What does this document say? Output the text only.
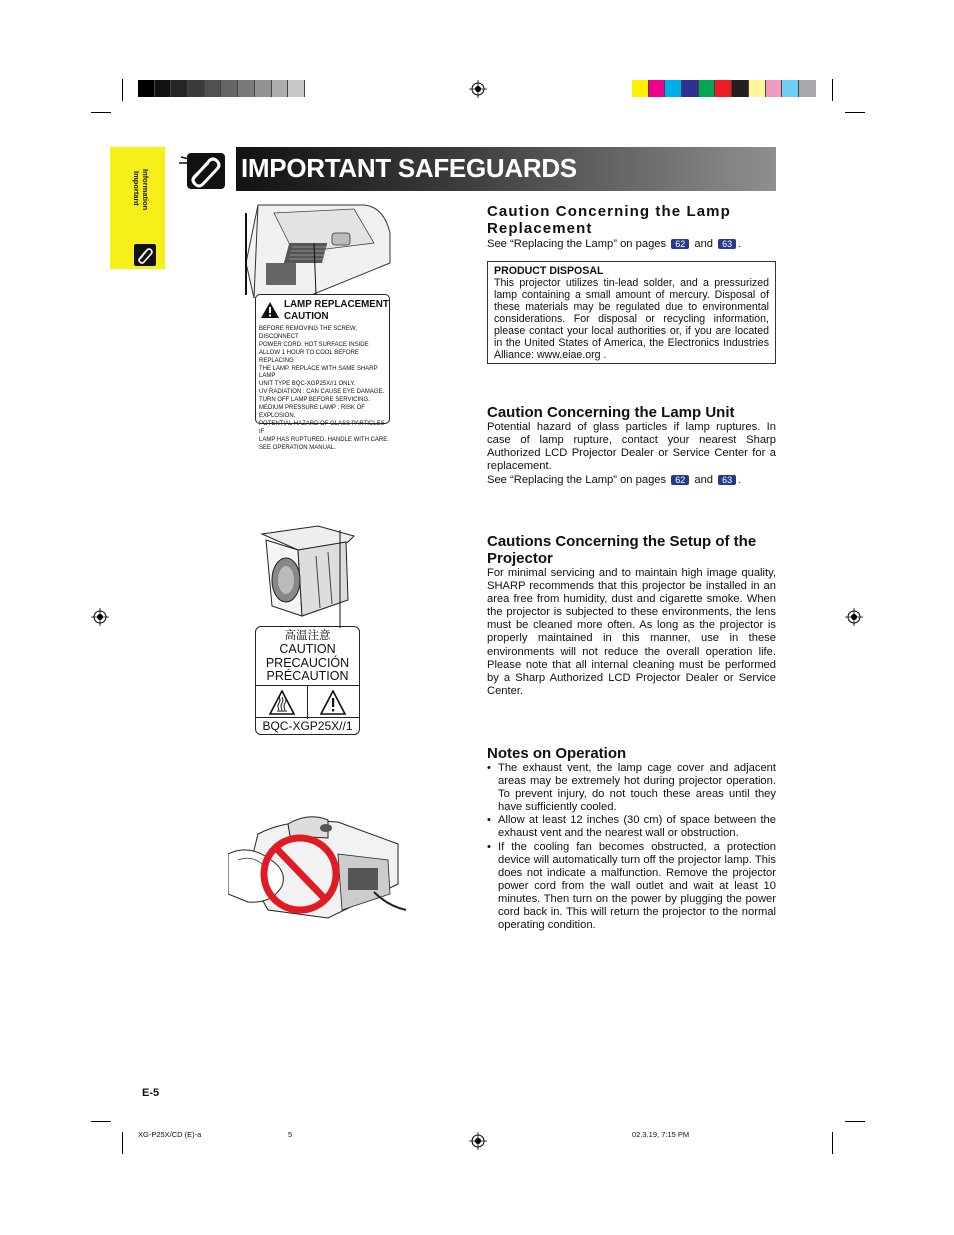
Important Information
IMPORTANT SAFEGUARDS
LAMP REPLACEMENT
CAUTION
BEFORE REMOVING THE SCREW, DISCONNECT
POWER CORD. HOT SURFACE INSIDE
ALLOW 1 HOUR TO COOL BEFORE REPLACING
THE LAMP. REPLACE WITH SAME SHARP LAMP
UNIT TYPE BQC-XGP25X//1 ONLY.
UV RADIATION : CAN CAUSE EYE DAMAGE.
TURN OFF LAMP BEFORE SERVICING.
MEDIUM PRESSURE LAMP : RISK OF EXPLOSION.
POTENTIAL HAZARD OF GLASS PARTICLES IF
LAMP HAS RUPTURED. HANDLE WITH CARE.
SEE OPERATION MANUAL.
高温注意
CAUTION
PRECAUCIÓN
PRÉCAUTION
BQC-XGP25X//1
Caution Concerning the Lamp Replacement

See “Replacing the Lamp” on pages 62 and 63 .

PRODUCT DISPOSAL

This projector utilizes tin-lead solder, and a pressurized lamp containing a small amount of mercury. Disposal of these materials may be regulated due to environmental considerations. For disposal or recycling information, please contact your local authorities or, if you are located in the United States of America, the Electronics Industries Alliance: www.eiae.org .

Caution Concerning the Lamp Unit

Potential hazard of glass particles if lamp ruptures. In case of lamp rupture, contact your nearest Sharp Authorized LCD Projector Dealer or Service Center for a replacement.

See “Replacing the Lamp” on pages 62 and 63 .

Cautions Concerning the Setup of the Projector

For minimal servicing and to maintain high image quality, SHARP recommends that this projector be installed in an area free from humidity, dust and cigarette smoke. When the projector is subjected to these environments, the lens must be cleaned more often. As long as the projector is properly maintained in this manner, use in these environments will not reduce the overall operation life. Please note that all internal cleaning must be performed by a Sharp Authorized LCD Projector Dealer or Service Center.

Notes on Operation
• The exhaust vent, the lamp cage cover and adjacent areas may be extremely hot during projector operation. To prevent injury, do not touch these areas until they have sufficiently cooled.
• Allow at least 12 inches (30 cm) of space between the exhaust vent and the nearest wall or obstruction.
• If the cooling fan becomes obstructed, a protection device will automatically turn off the projector lamp. This does not indicate a malfunction. Remove the projector power cord from the wall outlet and wait at least 10 minutes. Then turn on the power by plugging the power cord back in. This will return the projector to the normal operating condition.
E-5
XG-P25X/CD (E)-a	5	02.3.19, 7:15 PM
